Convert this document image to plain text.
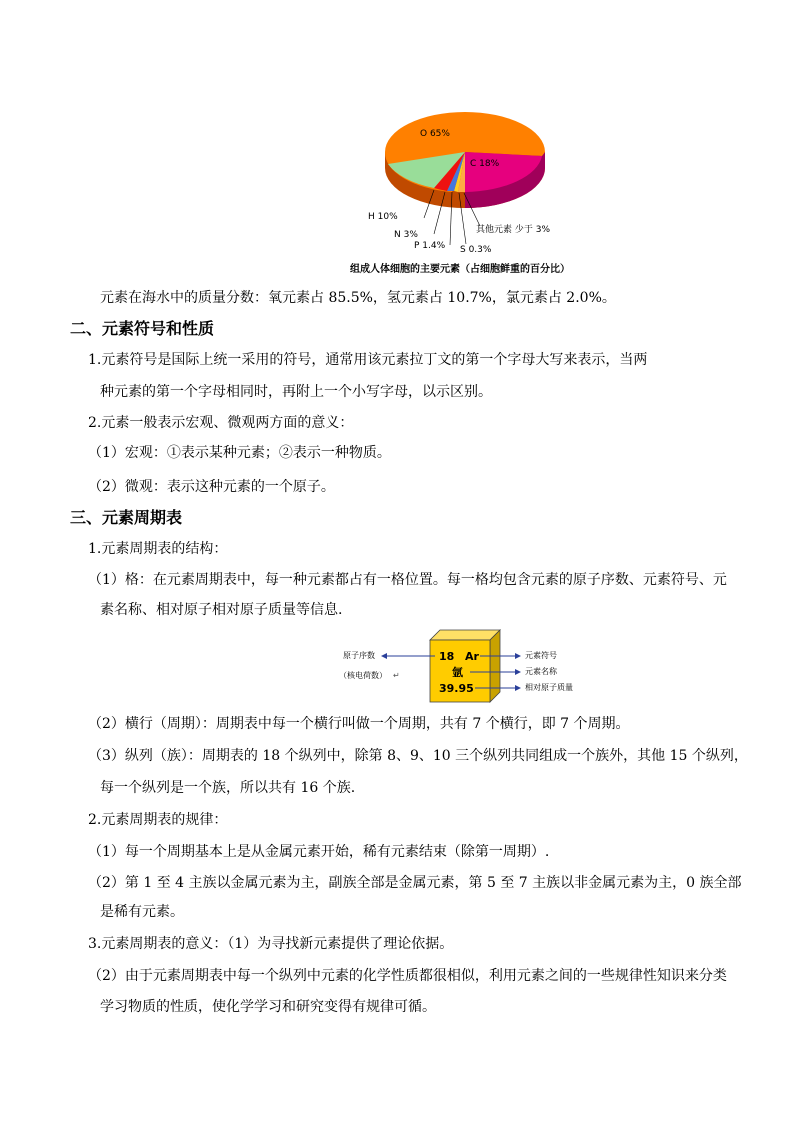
O 65%
C 18%
H 10%
N 3%
P 1.4% S 0.3%
其他元素 少于 3%
组成人体细胞的主要元素（占细胞鲜重的百分比）
元素在海水中的质量分数：氧元素占 85.5%，氢元素占 10.7%，氯元素占 2.0%。
二、元素符号和性质
1.元素符号是国际上统一采用的符号，通常用该元素拉丁文的第一个字母大写来表示，当两
种元素的第一个字母相同时，再附上一个小写字母，以示区别。
2.元素一般表示宏观、微观两方面的意义：
（1）宏观：①表示某种元素；②表示一种物质。
（2）微观：表示这种元素的一个原子。
三、元素周期表
1.元素周期表的结构：
（1）格：在元素周期表中，每一种元素都占有一格位置。每一格均包含元素的原子序数、元素符号、元
素名称、相对原子相对原子质量等信息.
18 Ar
氩
39.95
原子序数
（核电荷数） ↵
元素符号
元素名称
相对原子质量
（2）横行（周期）：周期表中每一个横行叫做一个周期，共有 7 个横行，即 7 个周期。
（3）纵列（族）：周期表的 18 个纵列中，除第 8、9、10 三个纵列共同组成一个族外，其他 15 个纵列，
每一个纵列是一个族，所以共有 16 个族.
2.元素周期表的规律：
（1）每一个周期基本上是从金属元素开始，稀有元素结束（除第一周期）.
（2）第 1 至 4 主族以金属元素为主，副族全部是金属元素，第 5 至 7 主族以非金属元素为主，0 族全部
是稀有元素。
3.元素周期表的意义：（1）为寻找新元素提供了理论依据。
（2）由于元素周期表中每一个纵列中元素的化学性质都很相似，利用元素之间的一些规律性知识来分类
学习物质的性质，使化学学习和研究变得有规律可循。
